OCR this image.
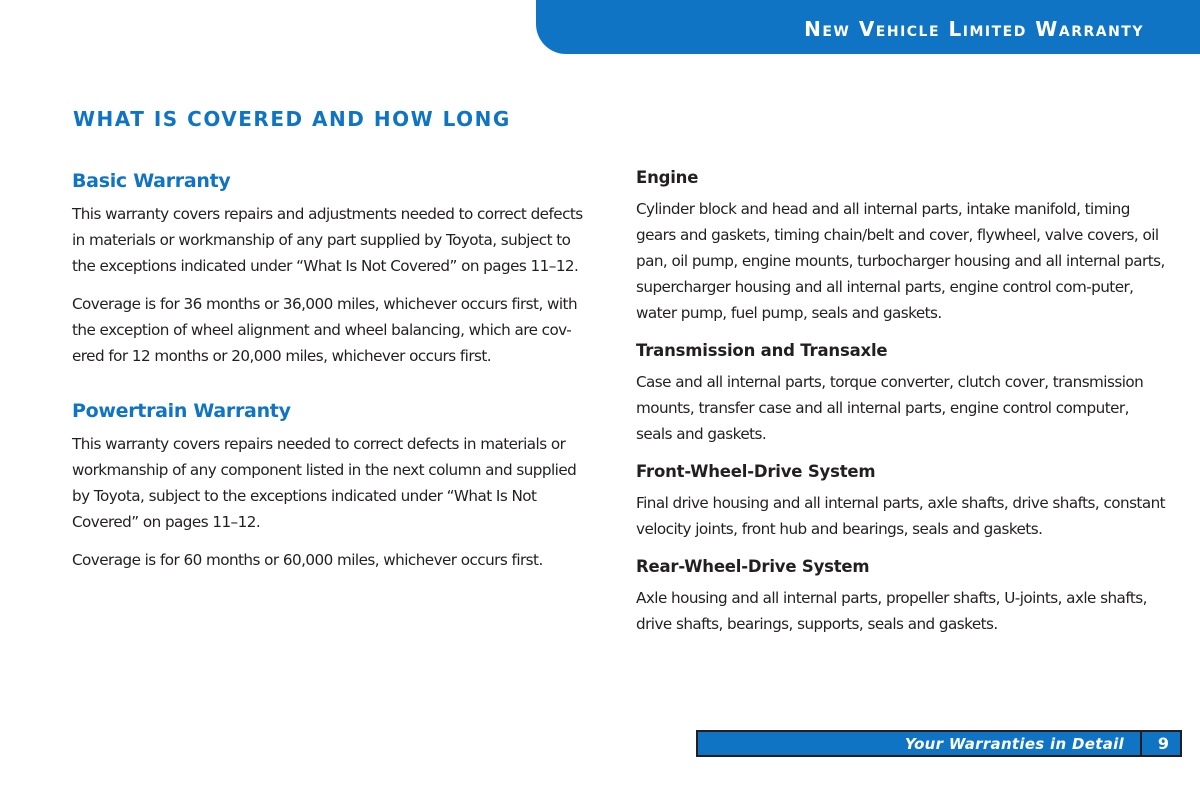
New Vehicle Limited Warranty
WHAT IS COVERED AND HOW LONG
Basic Warranty

This warranty covers repairs and adjustments needed to correct defects in materials or workmanship of any part supplied by Toyota, subject to the exceptions indicated under “What Is Not Covered” on pages 11–12.

Coverage is for 36 months or 36,000 miles, whichever occurs first, with the exception of wheel alignment and wheel balancing, which are cov-ered for 12 months or 20,000 miles, whichever occurs first.

Powertrain Warranty

This warranty covers repairs needed to correct defects in materials or workmanship of any component listed in the next column and supplied by Toyota, subject to the exceptions indicated under “What Is Not Covered” on pages 11–12.

Coverage is for 60 months or 60,000 miles, whichever occurs first.

Engine

Cylinder block and head and all internal parts, intake manifold, timing gears and gaskets, timing chain/belt and cover, flywheel, valve covers, oil pan, oil pump, engine mounts, turbocharger housing and all internal parts, supercharger housing and all internal parts, engine control com-puter, water pump, fuel pump, seals and gaskets.

Transmission and Transaxle

Case and all internal parts, torque converter, clutch cover, transmission mounts, transfer case and all internal parts, engine control computer, seals and gaskets.

Front-Wheel-Drive System

Final drive housing and all internal parts, axle shafts, drive shafts, constant velocity joints, front hub and bearings, seals and gaskets.

Rear-Wheel-Drive System

Axle housing and all internal parts, propeller shafts, U-joints, axle shafts, drive shafts, bearings, supports, seals and gaskets.

Your Warranties in Detail 9
